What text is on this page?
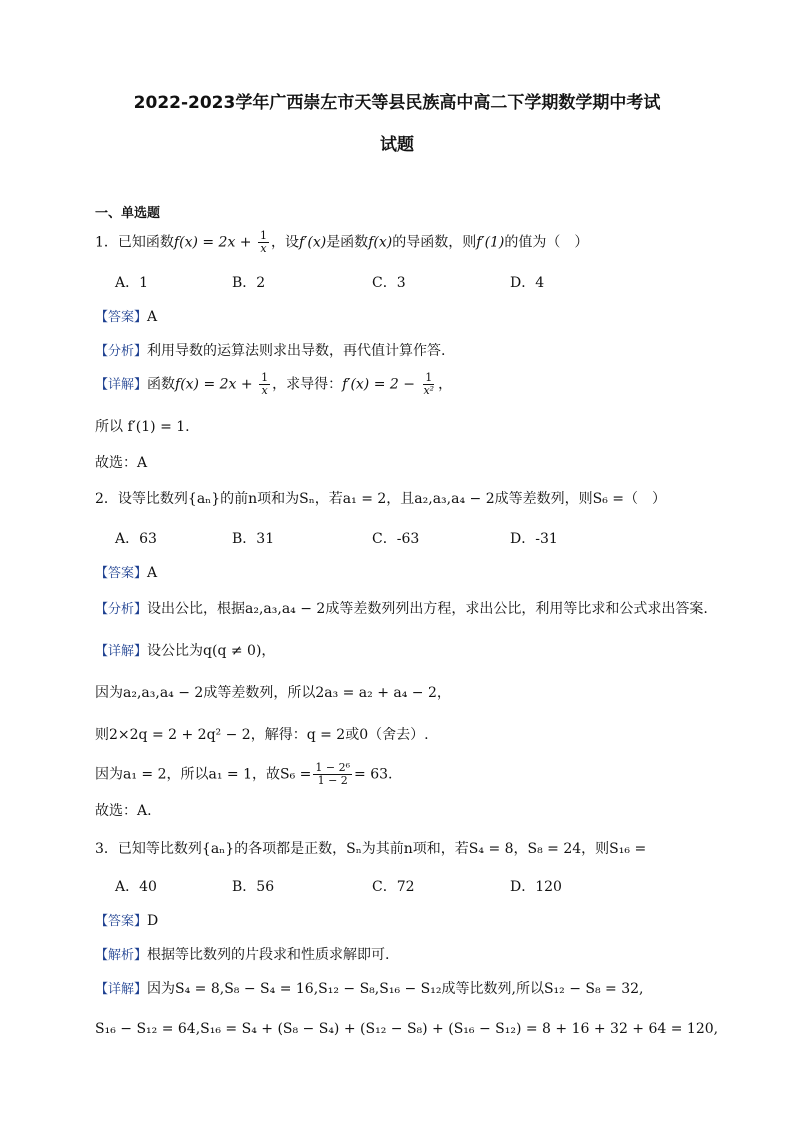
2022-2023学年广西崇左市天等县民族高中高二下学期数学期中考试
试题
一、单选题
1．已知函数$f(x) = 2x + \frac{1}{x}$ ，设f′(x)是函数f(x)的导函数，则f′(1)的值为（　）
A．1	B．2	C．3	D．4
【答案】A
【分析】利用导数的运算法则求出导数，再代值计算作答.
【详解】函数$f(x) = 2x + \frac{1}{x}$ ，求导得：$f'(x) = 2 - \frac{1}{\text{x²}}$ ，
所以 f′(1) = 1.
故选：A
2．设等比数列{aₙ}的前n项和为Sₙ，若a₁ = 2，且a₂,a₃,a₄ − 2成等差数列，则S₆ =（　）
A．63	B．31	C．-63	D．-31
【答案】A
【分析】设出公比，根据a₂,a₃,a₄ − 2成等差数列列出方程，求出公比，利用等比求和公式求出答案.
【详解】设公比为q(q ≠ 0)，
因为a₂,a₃,a₄ − 2成等差数列，所以2a₃ = a₂ + a₄ − 2，
则2×2q = 2 + 2q² − 2，解得：q = 2或0（舍去）.
因为a₁ = 2，所以a₁ = 1，故$S_6 = \frac{\text{1 − 2⁶}}{1 - 2} = 63$.
故选：A.
3．已知等比数列{aₙ}的各项都是正数，Sₙ为其前n项和，若S₄ = 8，S₈ = 24，则S₁₆ =
A．40	B．56	C．72	D．120
【答案】D
【解析】根据等比数列的片段求和性质求解即可.
【详解】因为S₄ = 8,S₈ − S₄ = 16,S₁₂ − S₈,S₁₆ − S₁₂成等比数列,所以S₁₂ − S₈ = 32,
S₁₆ − S₁₂ = 64,S₁₆ = S₄ + (S₈ − S₄) + (S₁₂ − S₈) + (S₁₆ − S₁₂) = 8 + 16 + 32 + 64 = 120,
